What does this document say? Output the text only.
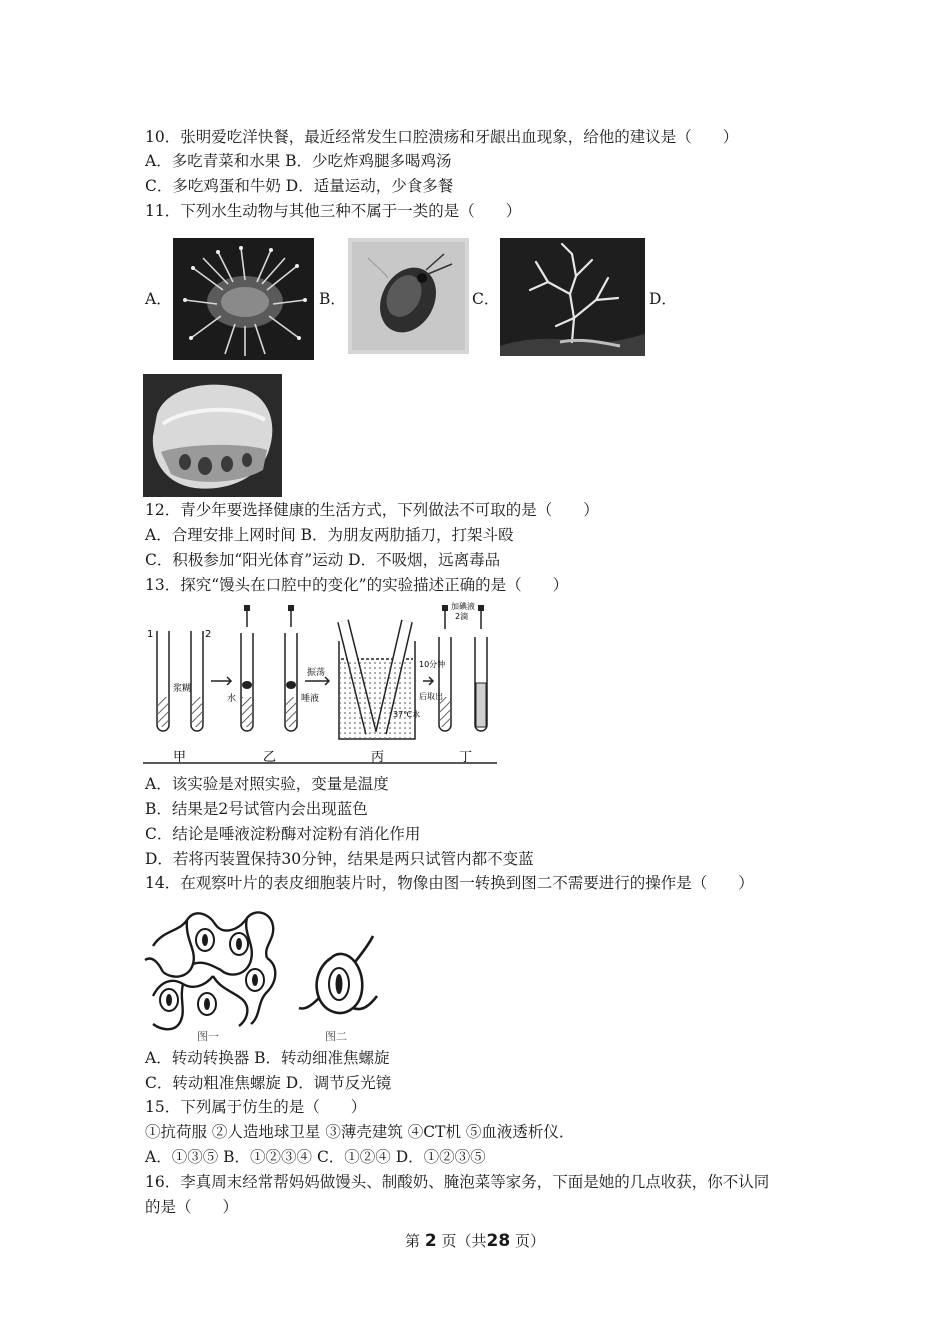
10．张明爱吃洋快餐，最近经常发生口腔溃疡和牙龈出血现象，给他的建议是（　　）
A．多吃青菜和水果 B．少吃炸鸡腿多喝鸡汤
C．多吃鸡蛋和牛奶 D．适量运动，少食多餐
11．下列水生动物与其他三种不属于一类的是（　　）
A．	B．	C．	D．
12．青少年要选择健康的生活方式，下列做法不可取的是（　　）
A．合理安排上网时间 B．为朋友两肋插刀，打架斗殴
C．积极参加“阳光体育”运动 D．不吸烟，远离毒品
13．探究“馒头在口腔中的变化”的实验描述正确的是（　　）
1	2
浆糊
水	唾液
振荡
10分钟
后取出
37℃水
加碘液
2滴
甲	乙	丙	丁
A．该实验是对照实验，变量是温度
B．结果是2号试管内会出现蓝色
C．结论是唾液淀粉酶对淀粉有消化作用
D．若将丙装置保持30分钟，结果是两只试管内都不变蓝
14．在观察叶片的表皮细胞装片时，物像由图一转换到图二不需要进行的操作是（　　）
图一	图二
A．转动转换器 B．转动细准焦螺旋
C．转动粗准焦螺旋 D．调节反光镜
15．下列属于仿生的是（　　）
①抗荷服 ②人造地球卫星 ③薄壳建筑 ④CT机 ⑤血液透析仪．
A．①③⑤ B．①②③④ C．①②④ D．①②③⑤
16．李真周末经常帮妈妈做馒头、制酸奶、腌泡菜等家务，下面是她的几点收获，你不认同
的是（　　）
第 2 页（共28 页）
